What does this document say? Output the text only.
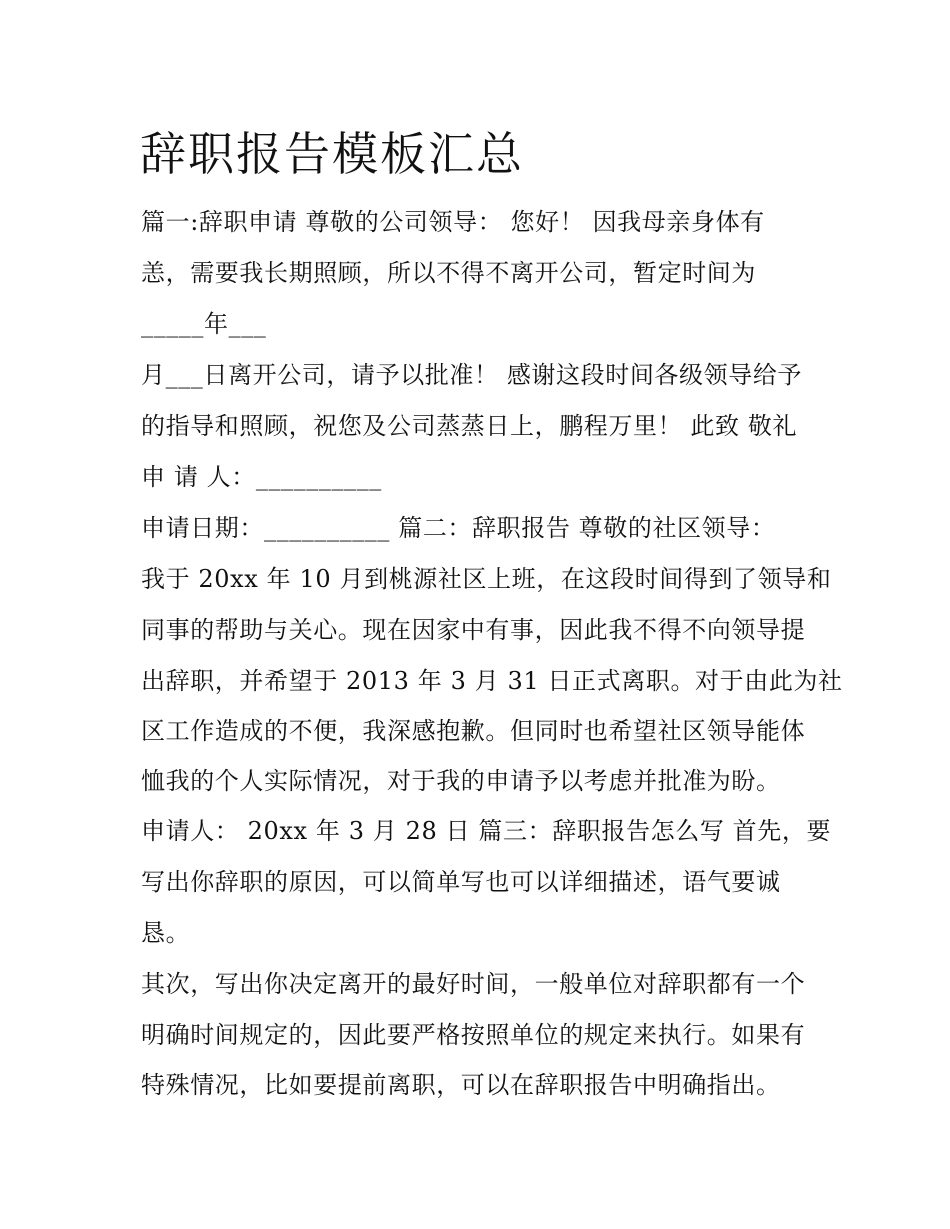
辞职报告模板汇总
篇一:辞职申请 尊敬的公司领导： 您好！ 因我母亲身体有
恙，需要我长期照顾，所以不得不离开公司，暂定时间为
_____年___
月___日离开公司，请予以批准！ 感谢这段时间各级领导给予
的指导和照顾，祝您及公司蒸蒸日上，鹏程万里！ 此致 敬礼
申 请 人：__________
申请日期：__________ 篇二：辞职报告 尊敬的社区领导：
我于 20xx 年 10 月到桃源社区上班，在这段时间得到了领导和
同事的帮助与关心。现在因家中有事，因此我不得不向领导提
出辞职，并希望于 2013 年 3 月 31 日正式离职。对于由此为社
区工作造成的不便，我深感抱歉。但同时也希望社区领导能体
恤我的个人实际情况，对于我的申请予以考虑并批准为盼。
申请人： 20xx 年 3 月 28 日 篇三：辞职报告怎么写 首先，要
写出你辞职的原因，可以简单写也可以详细描述，语气要诚
恳。
其次，写出你决定离开的最好时间，一般单位对辞职都有一个
明确时间规定的，因此要严格按照单位的规定来执行。如果有
特殊情况，比如要提前离职，可以在辞职报告中明确指出。
